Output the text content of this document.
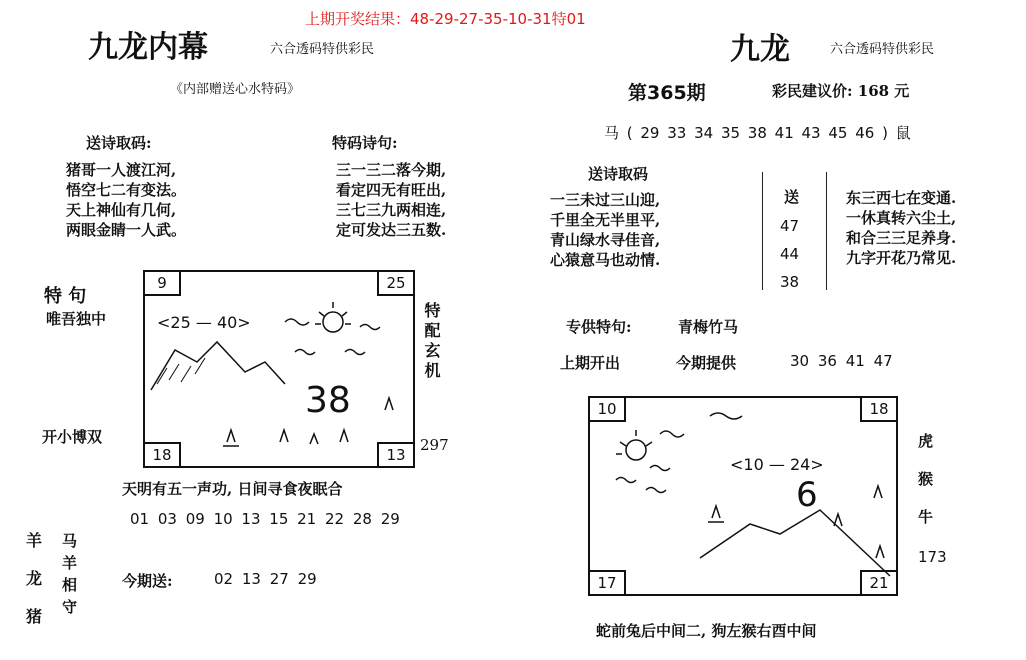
上期开奖结果：48-29-27-35-10-31特01
九龙内幕	六合透码特供彩民
《内部赠送心水特码》
送诗取码:
猪哥一人渡江河,
悟空七二有变法。
天上神仙有几何,
两眼金睛一人武。
特码诗句:
三一三二落今期,
看定四无有旺出,
三七三九两相连,
定可发达三五数.
特 句
唯吾独中
开小博双
9	25
18	13
<25 — 40>
38
特配玄机
297
天明有五一声功, 日间寻食夜眠合
01 03 09 10 13 15 21 22 28 29
今期送:	02 13 27 29
羊
龙
猪
马
羊
相
守
九龙	六合透码特供彩民
第365期	彩民建议价: 168 元
马 ( 29 33 34 35 38 41 43 45 46 ) 鼠
送诗取码
一三未过三山迎,
千里全无半里平,
青山绿水寻佳音,
心猿意马也动情.
送
47
44
38
东三西七在变通.
一休真转六尘土,
和合三三足养身.
九字开花乃常见.
专供特句:	青梅竹马
上期开出	今期提供	30 36 41 47
10	18
17	21
<10 — 24>
6
虎
猴
牛
173
蛇前兔后中间二, 狗左猴右酉中间
